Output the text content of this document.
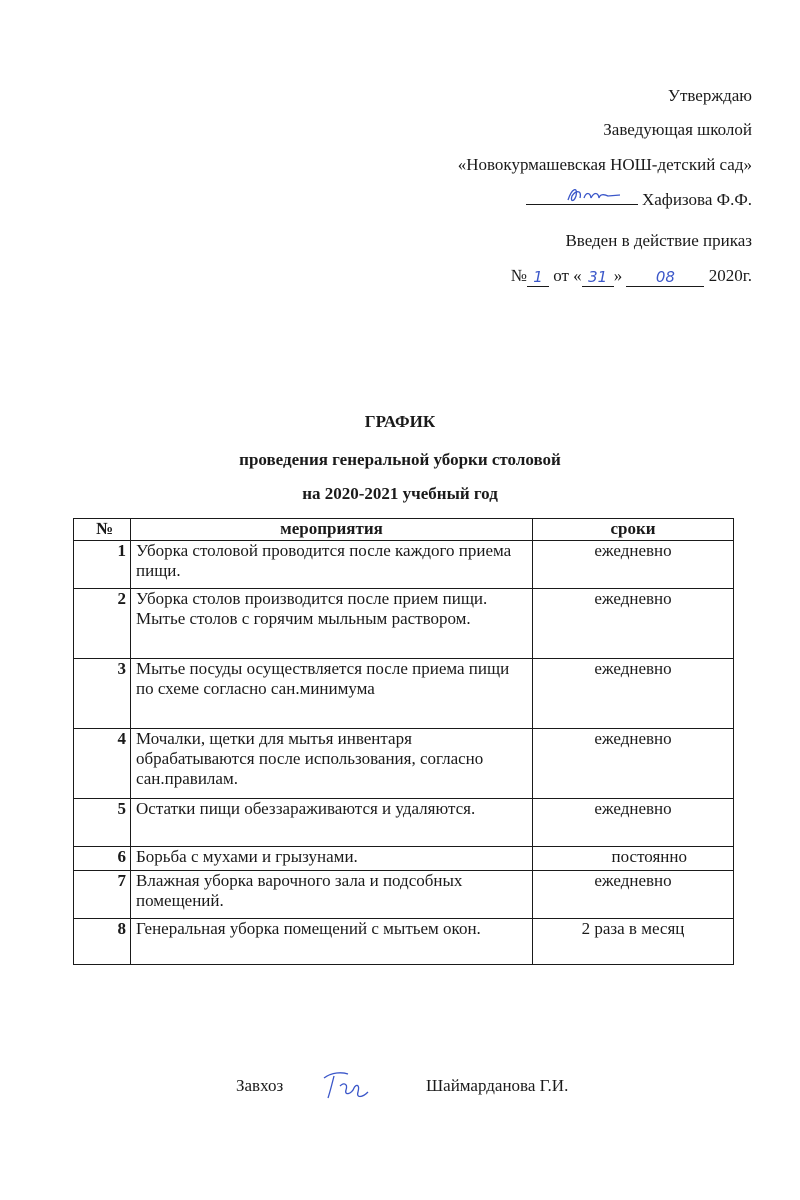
Утверждаю
Заведующая школой
«Новокурмашевская НОШ-детский сад»
Хафизова Ф.Ф.
Введен в действие приказ
№ 1 от « 31 »	08	2020г.
ГРАФИК
проведения генеральной уборки столовой
на 2020-2021 учебный год
№	мероприятия	сроки
1	Уборка столовой проводится после каждого приема пищи.	ежедневно
2	Уборка столов производится после прием пищи. Мытье столов с горячим мыльным раствором.	ежедневно
3	Мытье посуды осуществляется после приема пищи по схеме согласно сан.минимума	ежедневно
4	Мочалки, щетки для мытья инвентаря обрабатываются после использования, согласно сан.правилам.	ежедневно
5	Остатки пищи обеззараживаются и удаляются.	ежедневно
6	Борьба с мухами и грызунами.	постоянно
7	Влажная уборка варочного зала и подсобных помещений.	ежедневно
8	Генеральная уборка помещений с мытьем окон.	2 раза в месяц
Завхоз	Шаймарданова Г.И.
